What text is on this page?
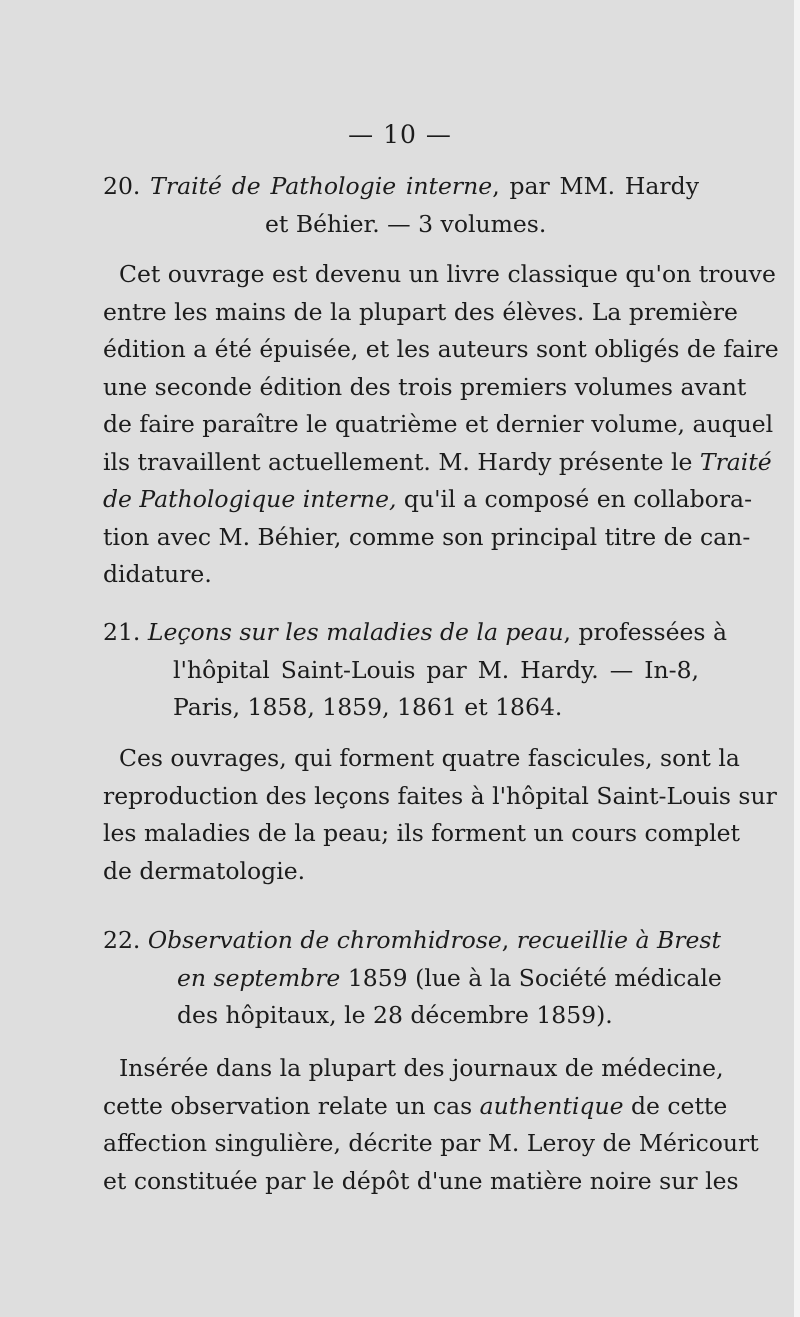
— 10 —
20. Traité de Pathologie interne, par MM. Hardy
et Béhier. — 3 volumes.
Cet ouvrage est devenu un livre classique qu'on trouve
entre les mains de la plupart des élèves. La première
édition a été épuisée, et les auteurs sont obligés de faire
une seconde édition des trois premiers volumes avant
de faire paraître le quatrième et dernier volume, auquel
ils travaillent actuellement. M. Hardy présente le Traité
de Pathologique interne, qu'il a composé en collabora-
tion avec M. Béhier, comme son principal titre de can-
didature.
21. Leçons sur les maladies de la peau, professées à
l'hôpital Saint-Louis par M. Hardy. — In-8,
Paris, 1858, 1859, 1861 et 1864.
Ces ouvrages, qui forment quatre fascicules, sont la
reproduction des leçons faites à l'hôpital Saint-Louis sur
les maladies de la peau; ils forment un cours complet
de dermatologie.
22. Observation de chromhidrose, recueillie à Brest
en septembre 1859 (lue à la Société médicale
des hôpitaux, le 28 décembre 1859).
Insérée dans la plupart des journaux de médecine,
cette observation relate un cas authentique de cette
affection singulière, décrite par M. Leroy de Méricourt
et constituée par le dépôt d'une matière noire sur les
